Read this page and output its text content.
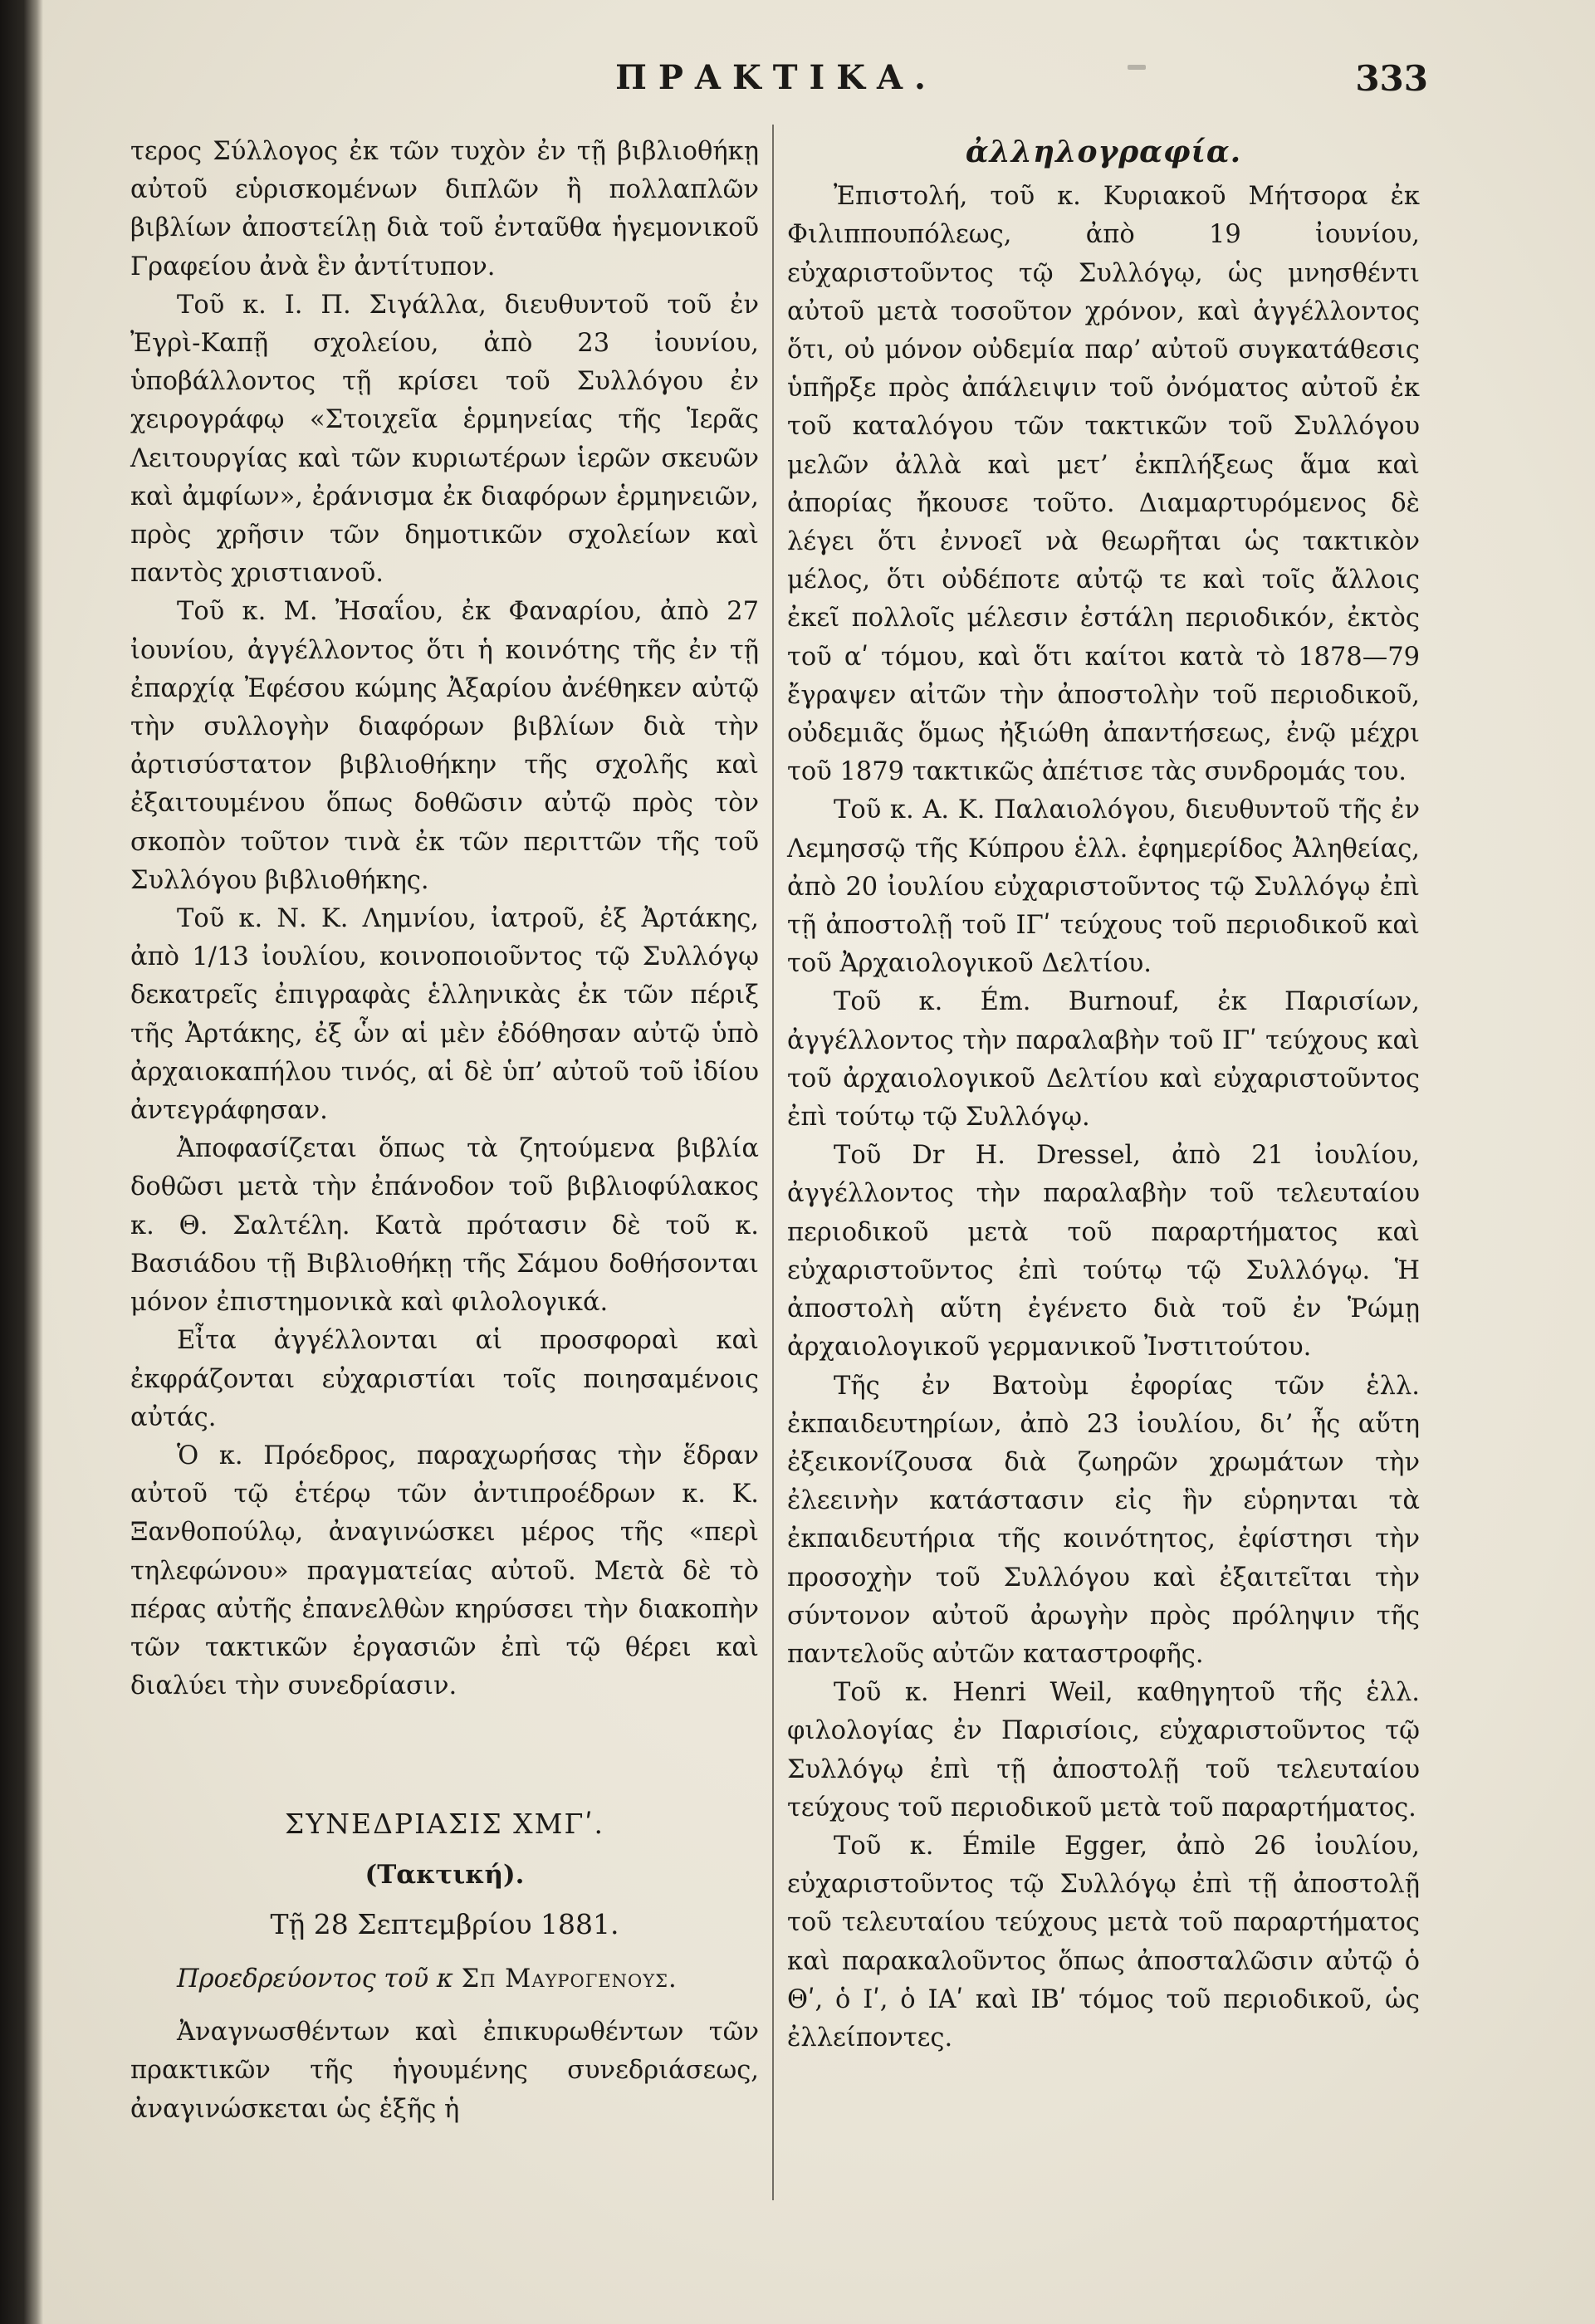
ΠΡΑΚΤΙΚΑ.	333

τερος Σύλλογος ἐκ τῶν τυχὸν ἐν τῇ βιβλιοθήκῃ αὐτοῦ εὑρισκομένων διπλῶν ἢ πολλαπλῶν βιβλίων ἀποστείλῃ διὰ τοῦ ἐνταῦθα ἡγεμονικοῦ Γραφείου ἀνὰ ἓν ἀντίτυπον.

Τοῦ κ. Ι. Π. Σιγάλλα, διευθυντοῦ τοῦ ἐν Ἐγρὶ-Καπῇ σχολείου, ἀπὸ 23 ἰουνίου, ὑποβάλλοντος τῇ κρίσει τοῦ Συλλόγου ἐν χειρογράφῳ «Στοιχεῖα ἑρμηνείας τῆς Ἱερᾶς Λειτουργίας καὶ τῶν κυριωτέρων ἱερῶν σκευῶν καὶ ἀμφίων», ἐράνισμα ἐκ διαφόρων ἑρμηνειῶν, πρὸς χρῆσιν τῶν δημοτικῶν σχολείων καὶ παντὸς χριστιανοῦ.

Τοῦ κ. Μ. Ἠσαΐου, ἐκ Φαναρίου, ἀπὸ 27 ἰουνίου, ἀγγέλλοντος ὅτι ἡ κοινότης τῆς ἐν τῇ ἐπαρχίᾳ Ἐφέσου κώμης Ἀξαρίου ἀνέθηκεν αὐτῷ τὴν συλλογὴν διαφόρων βιβλίων διὰ τὴν ἀρτισύστατον βιβλιοθήκην τῆς σχολῆς καὶ ἐξαιτουμένου ὅπως δοθῶσιν αὐτῷ πρὸς τὸν σκοπὸν τοῦτον τινὰ ἐκ τῶν περιττῶν τῆς τοῦ Συλλόγου βιβλιοθήκης.

Τοῦ κ. Ν. Κ. Λημνίου, ἰατροῦ, ἐξ Ἀρτάκης, ἀπὸ 1/13 ἰουλίου, κοινοποιοῦντος τῷ Συλλόγῳ δεκατρεῖς ἐπιγραφὰς ἑλληνικὰς ἐκ τῶν πέριξ τῆς Ἀρτάκης, ἐξ ὧν αἱ μὲν ἐδόθησαν αὐτῷ ὑπὸ ἀρχαιοκαπήλου τινός, αἱ δὲ ὑπ’ αὐτοῦ τοῦ ἰδίου ἀντεγράφησαν.

Ἀποφασίζεται ὅπως τὰ ζητούμενα βιβλία δοθῶσι μετὰ τὴν ἐπάνοδον τοῦ βιβλιοφύλακος κ. Θ. Σαλτέλη. Κατὰ πρότασιν δὲ τοῦ κ. Βασιάδου τῇ Βιβλιοθήκῃ τῆς Σάμου δοθήσονται μόνον ἐπιστημονικὰ καὶ φιλολογικά.

Εἶτα ἀγγέλλονται αἱ προσφοραὶ καὶ ἐκφράζονται εὐχαριστίαι τοῖς ποιησαμένοις αὐτάς.

Ὁ κ. Πρόεδρος, παραχωρήσας τὴν ἕδραν αὐτοῦ τῷ ἑτέρῳ τῶν ἀντιπροέδρων κ. Κ. Ξανθοπούλῳ, ἀναγινώσκει μέρος τῆς «περὶ τηλεφώνου» πραγματείας αὐτοῦ. Μετὰ δὲ τὸ πέρας αὐτῆς ἐπανελθὼν κηρύσσει τὴν διακοπὴν τῶν τακτικῶν ἐργασιῶν ἐπὶ τῷ θέρει καὶ διαλύει τὴν συνεδρίασιν.

ΣΥΝΕΔΡΙΑΣΙΣ ΧΜΓʹ.
(Τακτική).
Τῇ 28 Σεπτεμβρίου 1881.

Προεδρεύοντος τοῦ κ Σπ Μαυρογενους.

Ἀναγνωσθέντων καὶ ἐπικυρωθέντων τῶν πρακτικῶν τῆς ἡγουμένης συνεδριάσεως, ἀναγινώσκεται ὡς ἑξῆς ἡ

ἀλληλογραφία.

Ἐπιστολή, τοῦ κ. Κυριακοῦ Μήτσορα ἐκ Φιλιππουπόλεως, ἀπὸ 19 ἰουνίου, εὐχαριστοῦντος τῷ Συλλόγῳ, ὡς μνησθέντι αὐτοῦ μετὰ τοσοῦτον χρόνον, καὶ ἀγγέλλοντος ὅτι, οὐ μόνον οὐδεμία παρ’ αὐτοῦ συγκατάθεσις ὑπῆρξε πρὸς ἀπάλειψιν τοῦ ὀνόματος αὐτοῦ ἐκ τοῦ καταλόγου τῶν τακτικῶν τοῦ Συλλόγου μελῶν ἀλλὰ καὶ μετ’ ἐκπλήξεως ἅμα καὶ ἀπορίας ἤκουσε τοῦτο. Διαμαρτυρόμενος δὲ λέγει ὅτι ἐννοεῖ νὰ θεωρῆται ὡς τακτικὸν μέλος, ὅτι οὐδέποτε αὐτῷ τε καὶ τοῖς ἄλλοις ἐκεῖ πολλοῖς μέλεσιν ἐστάλη περιοδικόν, ἐκτὸς τοῦ αʹ τόμου, καὶ ὅτι καίτοι κατὰ τὸ 1878—79 ἔγραψεν αἰτῶν τὴν ἀποστολὴν τοῦ περιοδικοῦ, οὐδεμιᾶς ὅμως ἠξιώθη ἀπαντήσεως, ἐνῷ μέχρι τοῦ 1879 τακτικῶς ἀπέτισε τὰς συνδρομάς του.

Τοῦ κ. Α. Κ. Παλαιολόγου, διευθυντοῦ τῆς ἐν Λεμησσῷ τῆς Κύπρου ἑλλ. ἐφημερίδος Ἀληθείας, ἀπὸ 20 ἰουλίου εὐχαριστοῦντος τῷ Συλλόγῳ ἐπὶ τῇ ἀποστολῇ τοῦ ΙΓʹ τεύχους τοῦ περιοδικοῦ καὶ τοῦ Ἀρχαιολογικοῦ Δελτίου.

Τοῦ κ. Ém. Burnouf, ἐκ Παρισίων, ἀγγέλλοντος τὴν παραλαβὴν τοῦ ΙΓʹ τεύχους καὶ τοῦ ἀρχαιολογικοῦ Δελτίου καὶ εὐχαριστοῦντος ἐπὶ τούτῳ τῷ Συλλόγῳ.

Τοῦ Dr H. Dressel, ἀπὸ 21 ἰουλίου, ἀγγέλλοντος τὴν παραλαβὴν τοῦ τελευταίου περιοδικοῦ μετὰ τοῦ παραρτήματος καὶ εὐχαριστοῦντος ἐπὶ τούτῳ τῷ Συλλόγῳ. Ἡ ἀποστολὴ αὕτη ἐγένετο διὰ τοῦ ἐν Ῥώμῃ ἀρχαιολογικοῦ γερμανικοῦ Ἰνστιτούτου.

Τῆς ἐν Βατοὺμ ἐφορίας τῶν ἑλλ. ἐκπαιδευτηρίων, ἀπὸ 23 ἰουλίου, δι’ ἧς αὕτη ἐξεικονίζουσα διὰ ζωηρῶν χρωμάτων τὴν ἐλεεινὴν κατάστασιν εἰς ἣν εὑρηνται τὰ ἐκπαιδευτήρια τῆς κοινότητος, ἐφίστησι τὴν προσοχὴν τοῦ Συλλόγου καὶ ἐξαιτεῖται τὴν σύντονον αὐτοῦ ἀρωγὴν πρὸς πρόληψιν τῆς παντελοῦς αὐτῶν καταστροφῆς.

Τοῦ κ. Henri Weil, καθηγητοῦ τῆς ἑλλ. φιλολογίας ἐν Παρισίοις, εὐχαριστοῦντος τῷ Συλλόγῳ ἐπὶ τῇ ἀποστολῇ τοῦ τελευταίου τεύχους τοῦ περιοδικοῦ μετὰ τοῦ παραρτήματος.

Τοῦ κ. Émile Egger, ἀπὸ 26 ἰουλίου, εὐχαριστοῦντος τῷ Συλλόγῳ ἐπὶ τῇ ἀποστολῇ τοῦ τελευταίου τεύχους μετὰ τοῦ παραρτήματος καὶ παρακαλοῦντος ὅπως ἀποσταλῶσιν αὐτῷ ὁ Θʹ, ὁ Ιʹ, ὁ ΙΑʹ καὶ ΙΒʹ τόμος τοῦ περιοδικοῦ, ὡς ἐλλείποντες.
